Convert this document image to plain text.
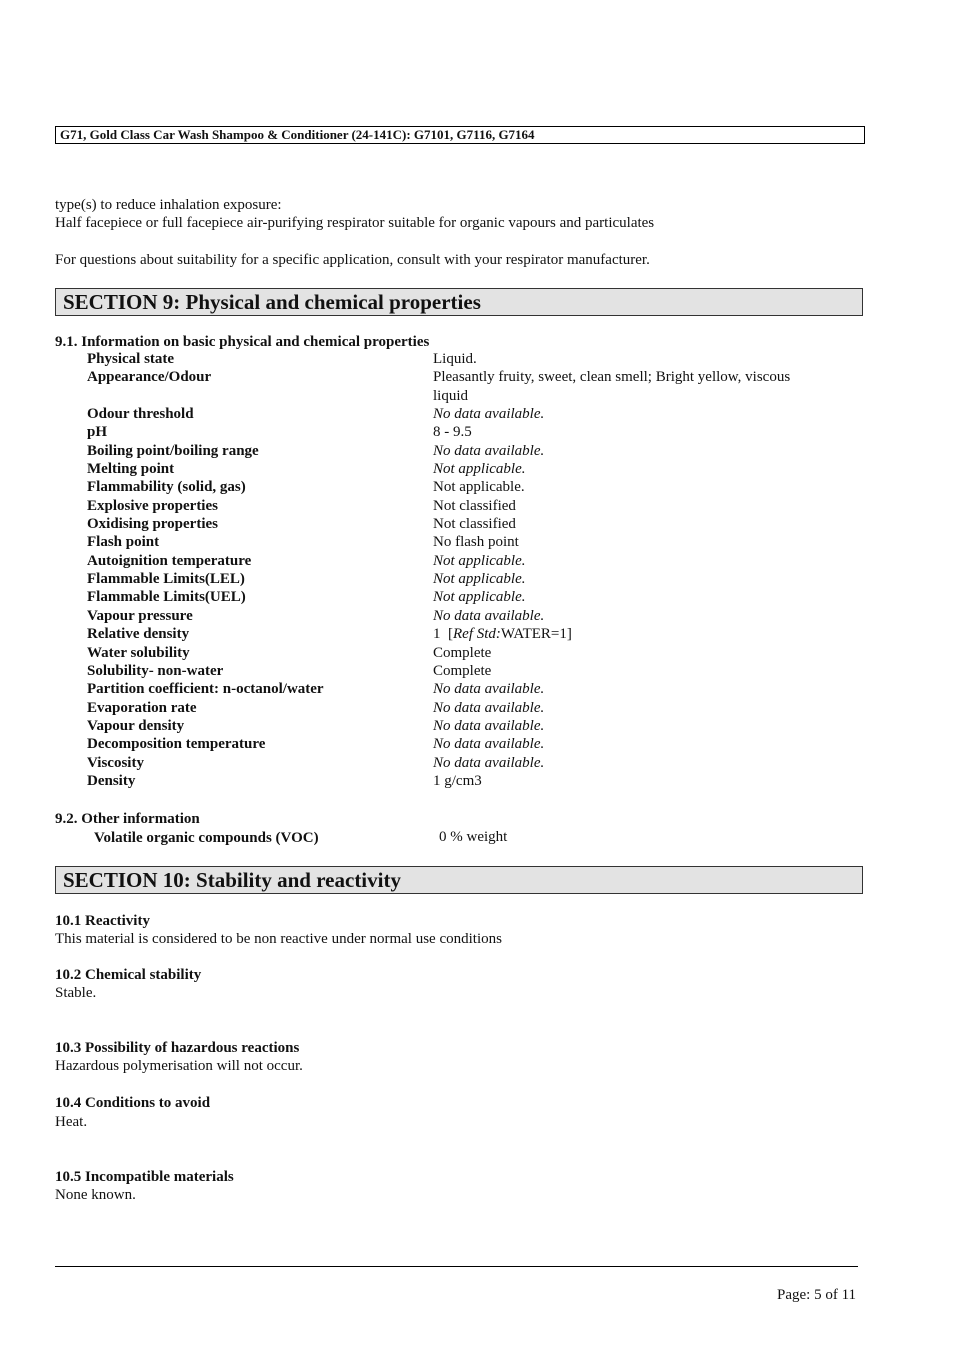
G71, Gold Class Car Wash Shampoo & Conditioner (24-141C): G7101, G7116, G7164
type(s) to reduce inhalation exposure:
Half facepiece or full facepiece air-purifying respirator suitable for organic vapours and particulates
For questions about suitability for a specific application, consult with your respirator manufacturer.
SECTION 9: Physical and chemical properties
9.1. Information on basic physical and chemical properties
Physical state	Liquid.
Appearance/Odour	Pleasantly fruity, sweet, clean smell; Bright yellow, viscous
liquid
Odour threshold	No data available.
pH	8 - 9.5
Boiling point/boiling range	No data available.
Melting point	Not applicable.
Flammability (solid, gas)	Not applicable.
Explosive properties	Not classified
Oxidising properties	Not classified
Flash point	No flash point
Autoignition temperature	Not applicable.
Flammable Limits(LEL)	Not applicable.
Flammable Limits(UEL)	Not applicable.
Vapour pressure	No data available.
Relative density	1  [Ref Std:WATER=1]
Water solubility	Complete
Solubility- non-water	Complete
Partition coefficient: n-octanol/water	No data available.
Evaporation rate	No data available.
Vapour density	No data available.
Decomposition temperature	No data available.
Viscosity	No data available.
Density	1 g/cm3
9.2. Other information
Volatile organic compounds (VOC)	0 % weight
SECTION 10: Stability and reactivity
10.1 Reactivity
This material is considered to be non reactive under normal use conditions
10.2 Chemical stability
Stable.
10.3 Possibility of hazardous reactions
Hazardous polymerisation will not occur.
10.4 Conditions to avoid
Heat.
10.5 Incompatible materials
None known.
Page: 5 of 11
